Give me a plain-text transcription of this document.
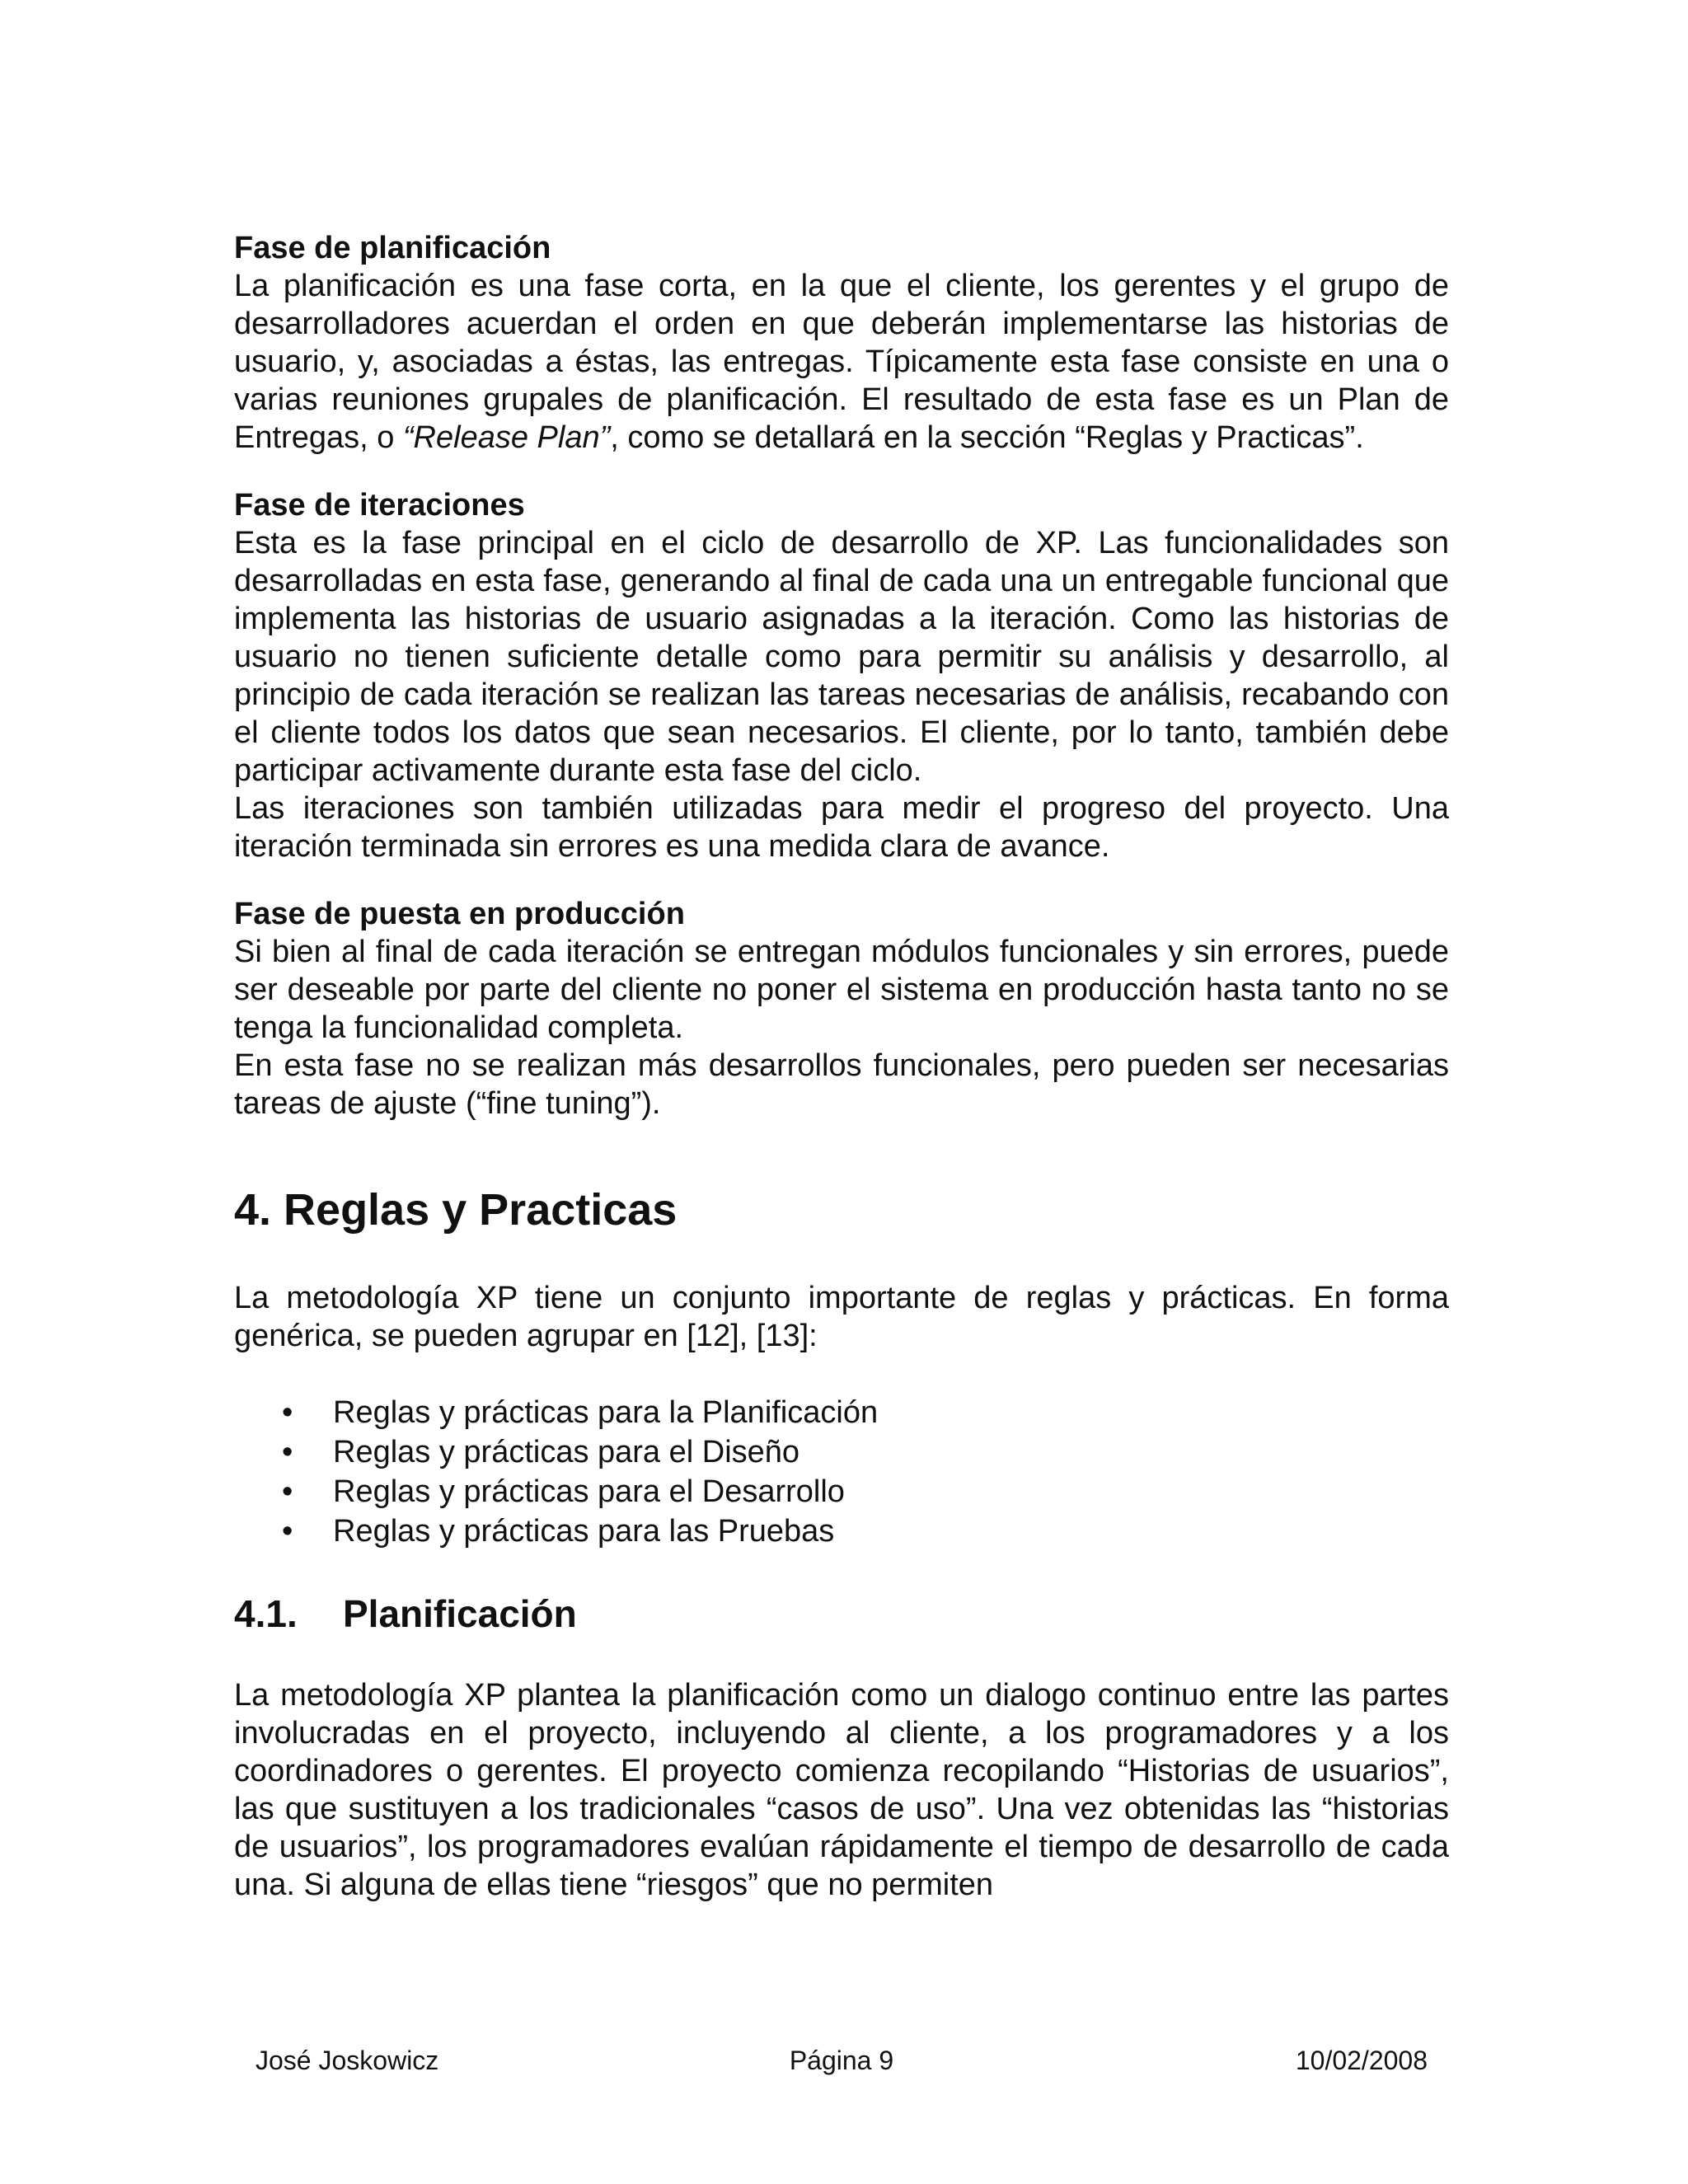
Fase de planificación

La planificación es una fase corta, en la que el cliente, los gerentes y el grupo de desarrolladores acuerdan el orden en que deberán implementarse las historias de usuario, y, asociadas a éstas, las entregas. Típicamente esta fase consiste en una o varias reuniones grupales de planificación. El resultado de esta fase es un Plan de Entregas, o “Release Plan”, como se detallará en la sección “Reglas y Practicas”.

Fase de iteraciones

Esta es la fase principal en el ciclo de desarrollo de XP. Las funcionalidades son desarrolladas en esta fase, generando al final de cada una un entregable funcional que implementa las historias de usuario asignadas a la iteración. Como las historias de usuario no tienen suficiente detalle como para permitir su análisis y desarrollo, al principio de cada iteración se realizan las tareas necesarias de análisis, recabando con el cliente todos los datos que sean necesarios. El cliente, por lo tanto, también debe participar activamente durante esta fase del ciclo.

Las iteraciones son también utilizadas para medir el progreso del proyecto. Una iteración terminada sin errores es una medida clara de avance.

Fase de puesta en producción

Si bien al final de cada iteración se entregan módulos funcionales y sin errores, puede ser deseable por parte del cliente no poner el sistema en producción hasta tanto no se tenga la funcionalidad completa.

En esta fase no se realizan más desarrollos funcionales, pero pueden ser necesarias tareas de ajuste (“fine tuning”).

4. Reglas y Practicas

La metodología XP tiene un conjunto importante de reglas y prácticas. En forma genérica, se pueden agrupar en [12], [13]:

• Reglas y prácticas para la Planificación
• Reglas y prácticas para el Diseño
• Reglas y prácticas para el Desarrollo
• Reglas y prácticas para las Pruebas
4.1. Planificación

La metodología XP plantea la planificación como un dialogo continuo entre las partes involucradas en el proyecto, incluyendo al cliente, a los programadores y a los coordinadores o gerentes. El proyecto comienza recopilando “Historias de usuarios”, las que sustituyen a los tradicionales “casos de uso”. Una vez obtenidas las “historias de usuarios”, los programadores evalúan rápidamente el tiempo de desarrollo de cada una. Si alguna de ellas tiene “riesgos” que no permiten

José Joskowicz	Página 9	10/02/2008
